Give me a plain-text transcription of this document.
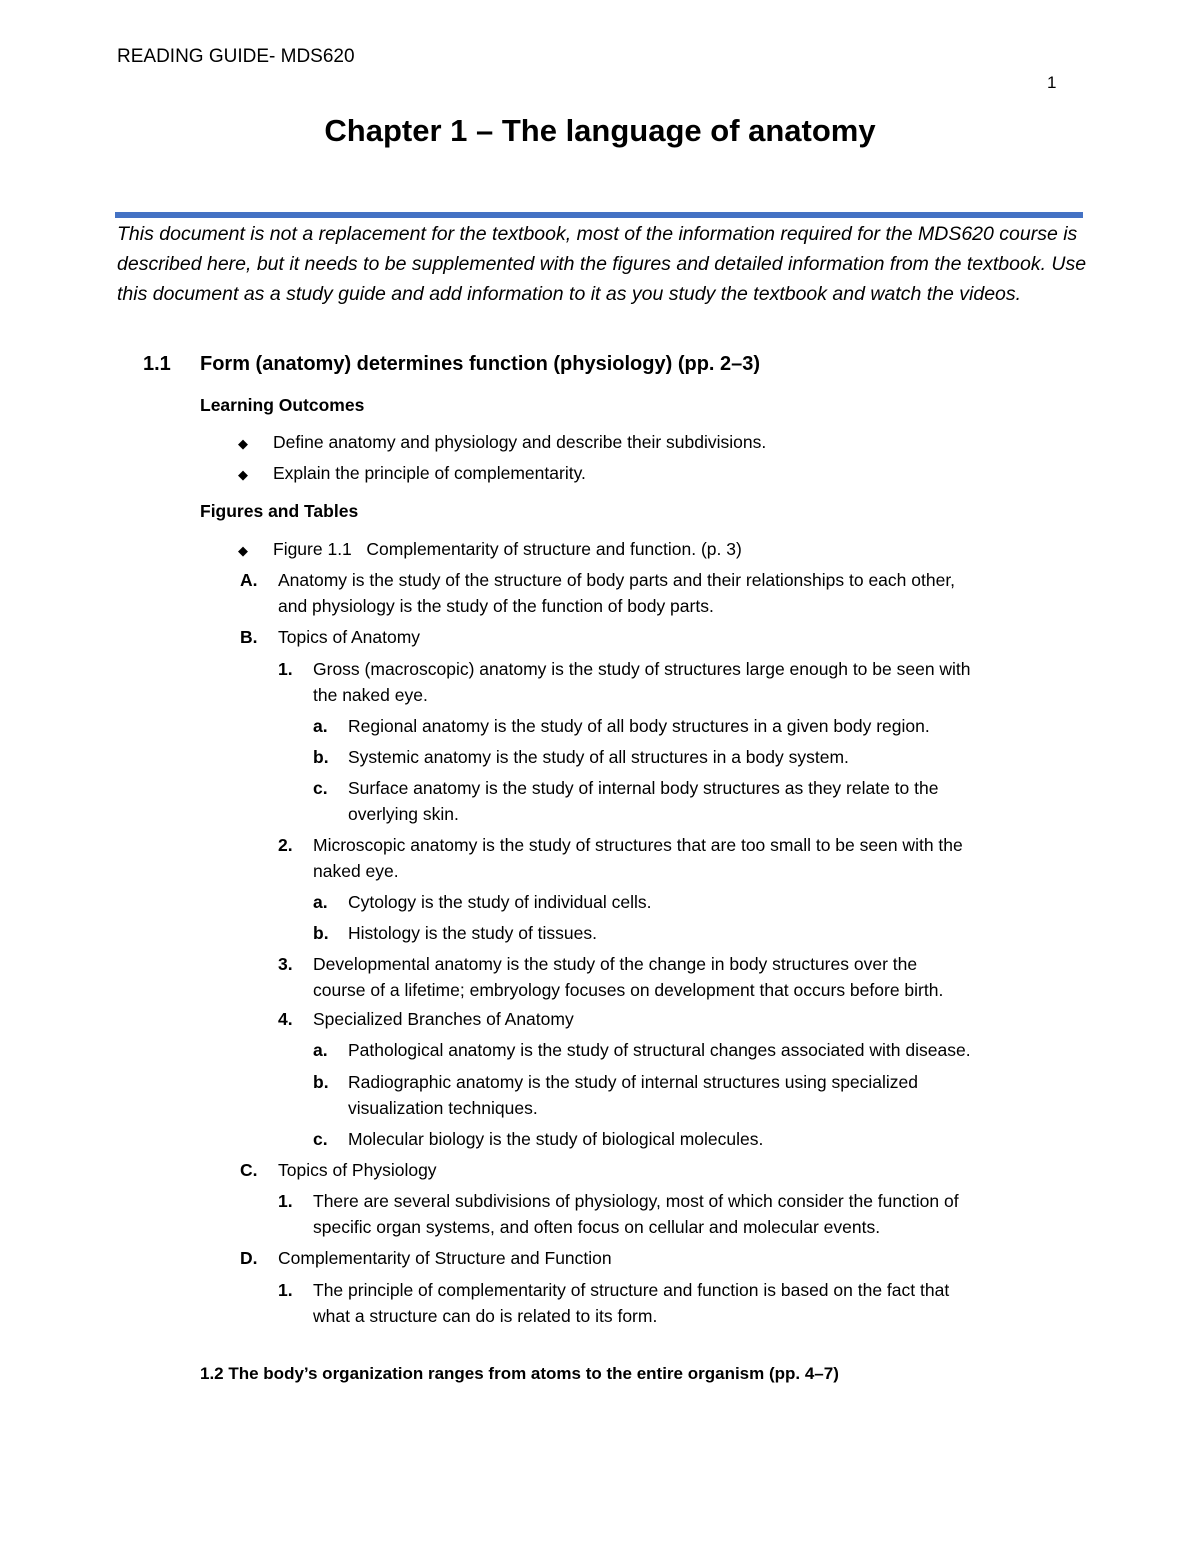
READING GUIDE- MDS620
1
Chapter 1 – The language of anatomy
This document is not a replacement for the textbook, most of the information required for the MDS620 course is described here, but it needs to be supplemented with the figures and detailed information from the textbook. Use this document as a study guide and add information to it as you study the textbook and watch the videos.
1.1 Form (anatomy) determines function (physiology) (pp. 2–3)
Learning Outcomes
◆ Define anatomy and physiology and describe their subdivisions.
◆ Explain the principle of complementarity.
Figures and Tables
◆ Figure 1.1   Complementarity of structure and function. (p. 3)
A. Anatomy is the study of the structure of body parts and their relationships to each other,
and physiology is the study of the function of body parts.
B. Topics of Anatomy
1. Gross (macroscopic) anatomy is the study of structures large enough to be seen with
the naked eye.
a. Regional anatomy is the study of all body structures in a given body region.
b. Systemic anatomy is the study of all structures in a body system.
c. Surface anatomy is the study of internal body structures as they relate to the
overlying skin.
2. Microscopic anatomy is the study of structures that are too small to be seen with the
naked eye.
a. Cytology is the study of individual cells.
b. Histology is the study of tissues.
3. Developmental anatomy is the study of the change in body structures over the
course of a lifetime; embryology focuses on development that occurs before birth.
4. Specialized Branches of Anatomy
a. Pathological anatomy is the study of structural changes associated with disease.
b. Radiographic anatomy is the study of internal structures using specialized
visualization techniques.
c. Molecular biology is the study of biological molecules.
C. Topics of Physiology
1. There are several subdivisions of physiology, most of which consider the function of
specific organ systems, and often focus on cellular and molecular events.
D. Complementarity of Structure and Function
1. The principle of complementarity of structure and function is based on the fact that
what a structure can do is related to its form.
1.2 The body’s organization ranges from atoms to the entire organism (pp. 4–7)
